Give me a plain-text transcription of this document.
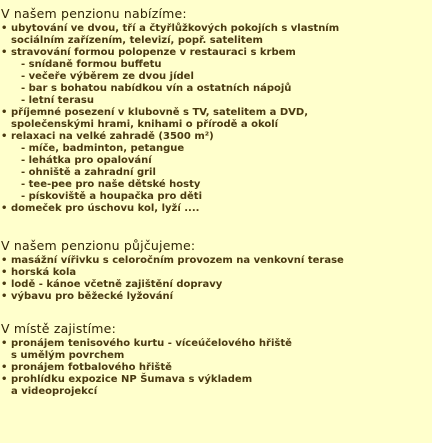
V našem penzionu nabízíme:
• ubytování ve dvou, tří a čtyřlůžkových pokojích s vlastním
sociálním zařízením, televizí, popř. satelitem
• stravování formou polopenze v restauraci s krbem
- snídaně formou buffetu
- večeře výběrem ze dvou jídel
- bar s bohatou nabídkou vín a ostatních nápojů
- letní terasu
• příjemné posezení v klubovně s TV, satelitem a DVD,
společenskými hrami, knihami o přírodě a okolí
• relaxaci na velké zahradě (3500 m²)
- míče, badminton, petangue
- lehátka pro opalování
- ohniště a zahradní gril
- tee-pee pro naše dětské hosty
- pískoviště a houpačka pro děti
• domeček pro úschovu kol, lyží ....
V našem penzionu půjčujeme:
• masážní vířivku s celoročním provozem na venkovní terase
• horská kola
• lodě - kánoe včetně zajištění dopravy
• výbavu pro běžecké lyžování
V místě zajistíme:
• pronájem tenisového kurtu - víceúčelového hřiště
s umělým povrchem
• pronájem fotbalového hřiště
• prohlídku expozice NP Šumava s výkladem
a videoprojekcí
